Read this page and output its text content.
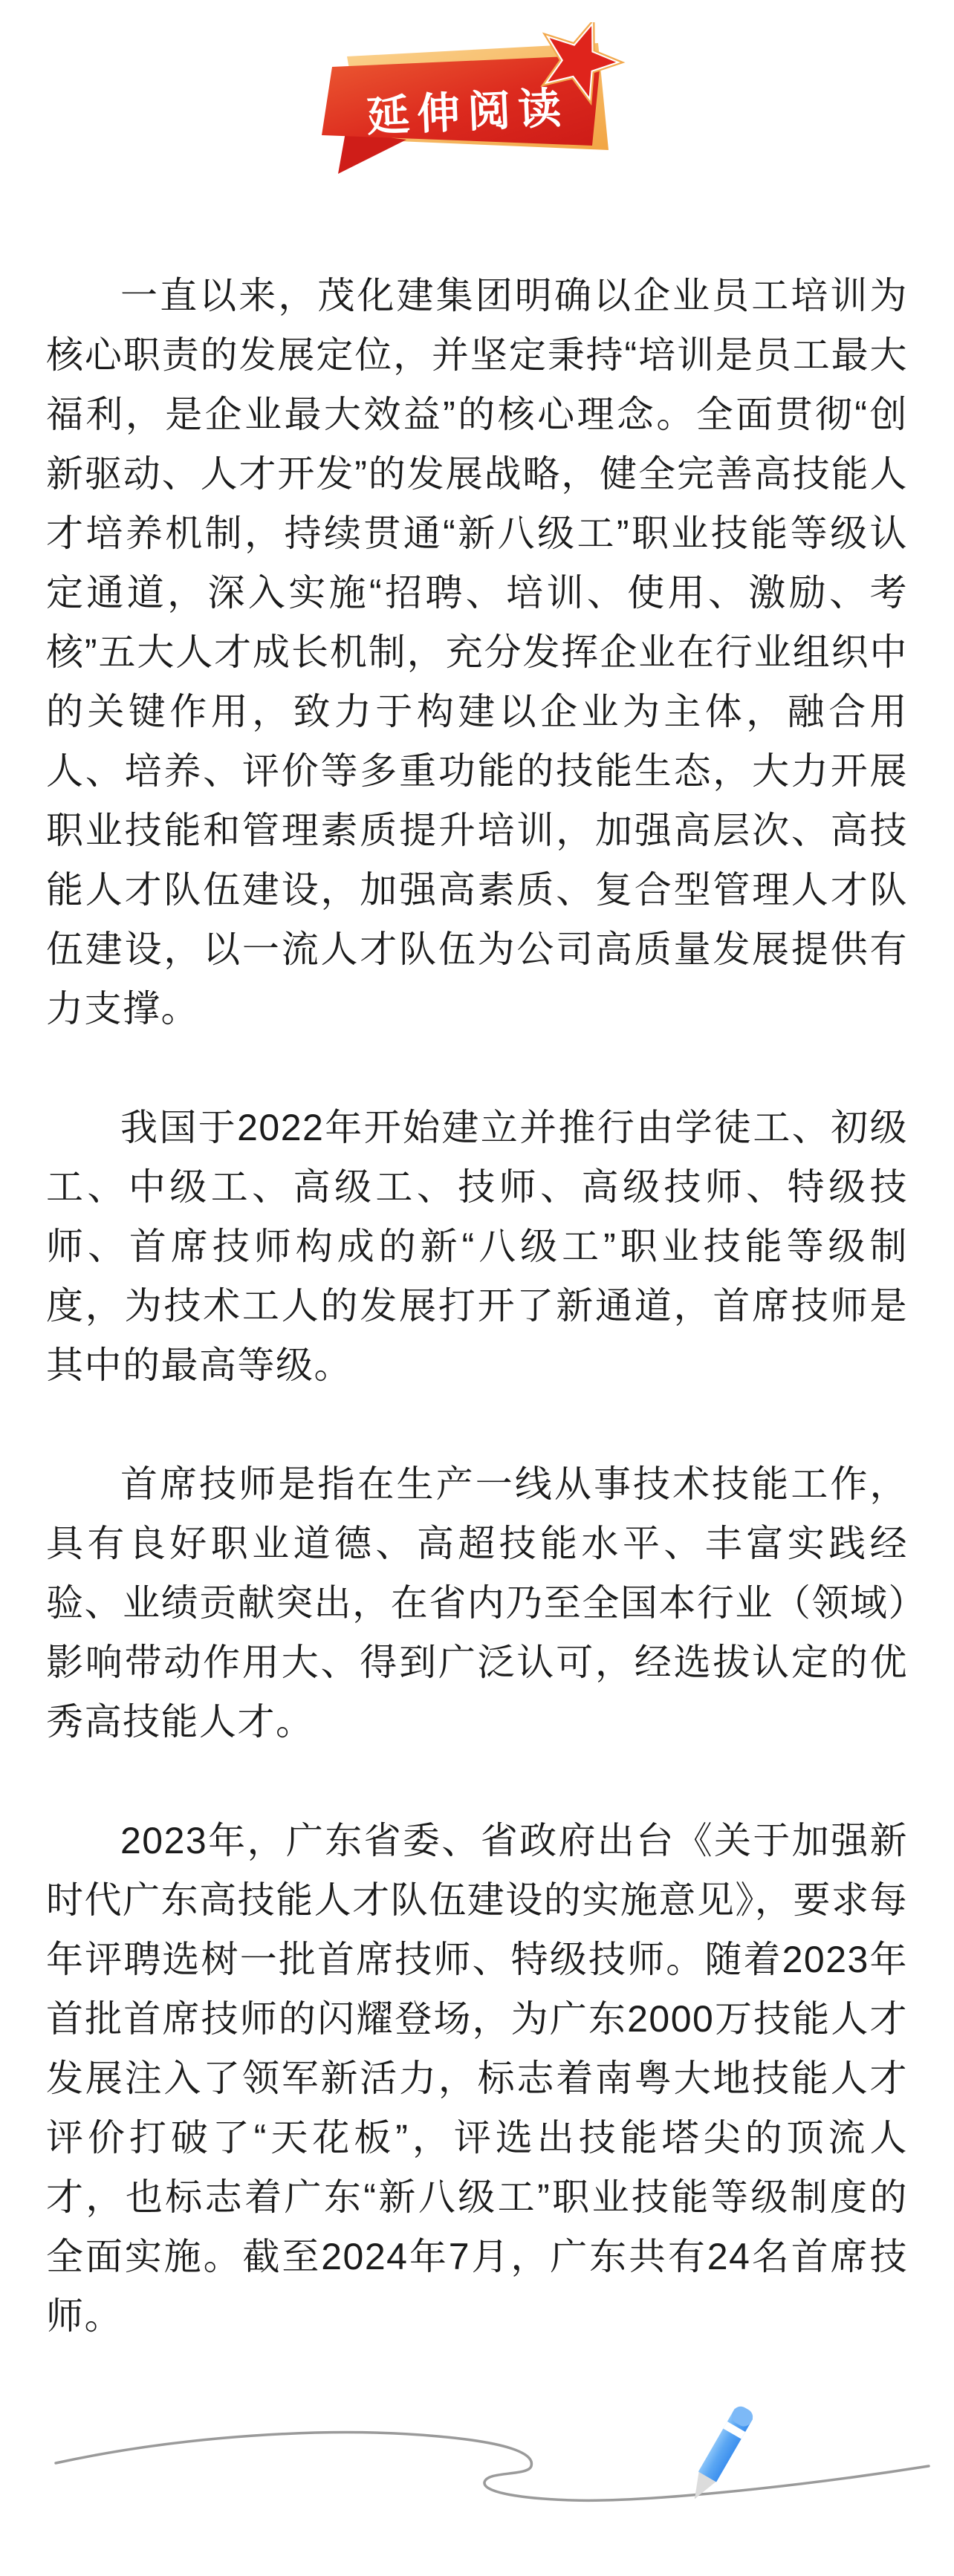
延伸阅读

一直以来，茂化建集团明确以企业员工培训为核心职责的发展定位，并坚定秉持“培训是员工最大福利，是企业最大效益”的核心理念。全面贯彻“创新驱动、人才开发”的发展战略，健全完善高技能人才培养机制，持续贯通“新八级工”职业技能等级认定通道，深入实施“招聘、培训、使用、激励、考核”五大人才成长机制，充分发挥企业在行业组织中的关键作用，致力于构建以企业为主体，融合用人、培养、评价等多重功能的技能生态，大力开展职业技能和管理素质提升培训，加强高层次、高技能人才队伍建设，加强高素质、复合型管理人才队伍建设，以一流人才队伍为公司高质量发展提供有力支撑。

我国于2022年开始建立并推行由学徒工、初级工、中级工、高级工、技师、高级技师、特级技师、首席技师构成的新“八级工”职业技能等级制度，为技术工人的发展打开了新通道，首席技师是其中的最高等级。

首席技师是指在生产一线从事技术技能工作，具有良好职业道德、高超技能水平、丰富实践经验、业绩贡献突出，在省内乃至全国本行业（领域）影响带动作用大、得到广泛认可，经选拔认定的优秀高技能人才。

2023年，广东省委、省政府出台《关于加强新时代广东高技能人才队伍建设的实施意见》，要求每年评聘选树一批首席技师、特级技师。随着2023年首批首席技师的闪耀登场，为广东2000万技能人才发展注入了领军新活力，标志着南粤大地技能人才评价打破了“天花板”，评选出技能塔尖的顶流人才，也标志着广东“新八级工”职业技能等级制度的全面实施。截至2024年7月，广东共有24名首席技师。
